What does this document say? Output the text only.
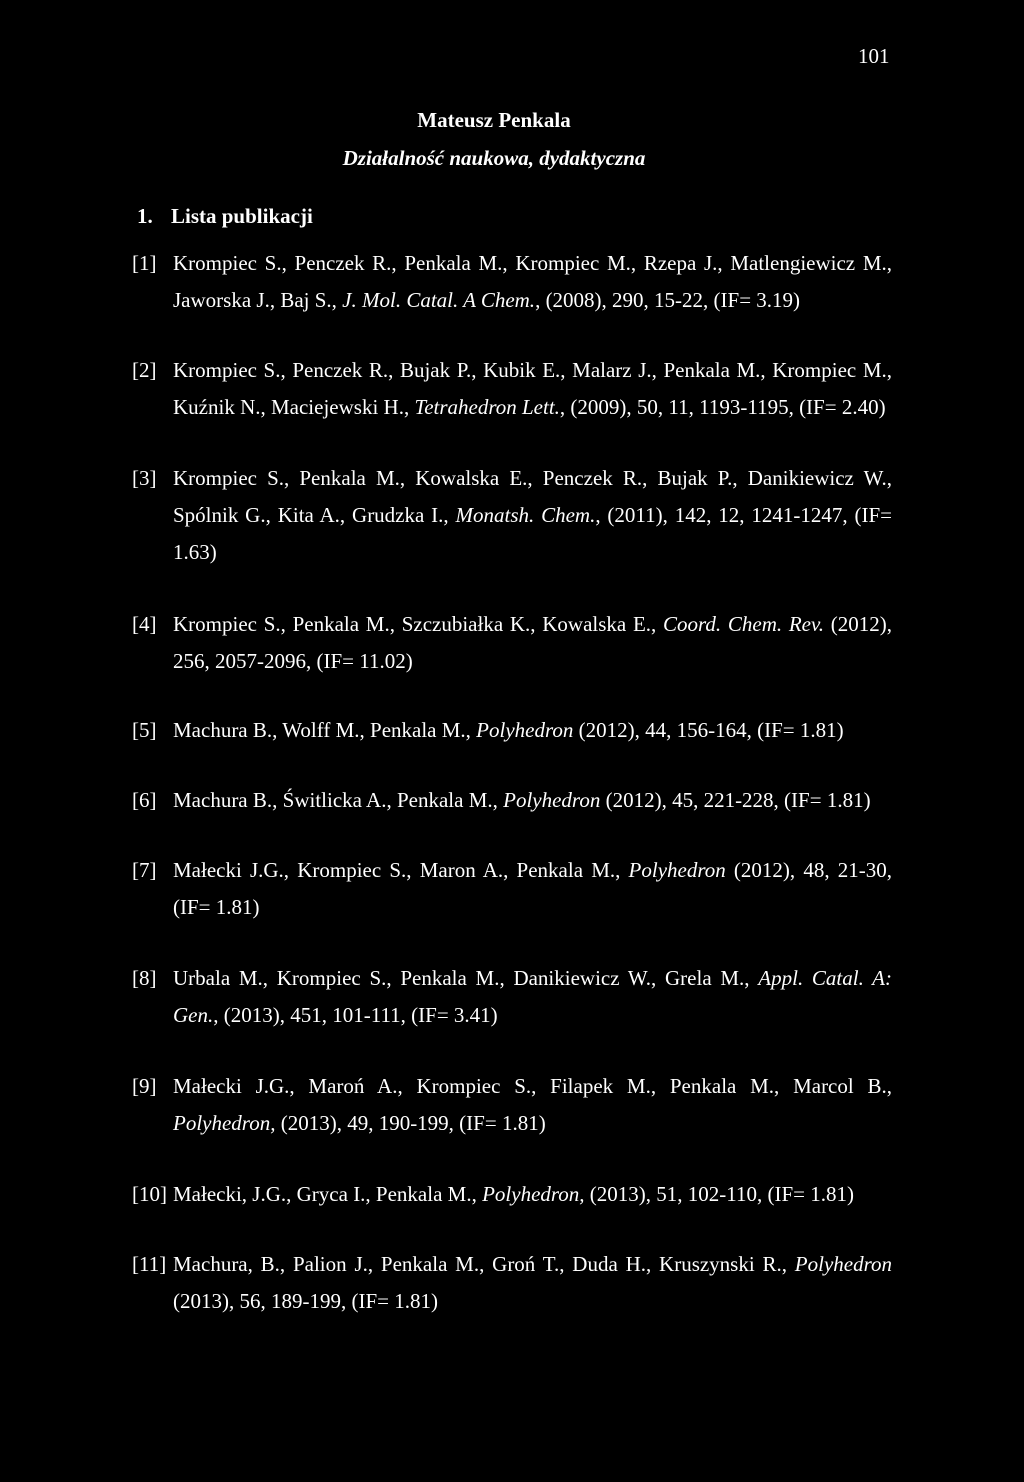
101
Mateusz Penkala
Działalność naukowa, dydaktyczna
1. Lista publikacji
[1] Krompiec S., Penczek R., Penkala M., Krompiec M., Rzepa J., Matlengiewicz M., Jaworska J., Baj S., J. Mol. Catal. A Chem., (2008), 290, 15-22, (IF= 3.19)
[2] Krompiec S., Penczek R., Bujak P., Kubik E., Malarz J., Penkala M., Krompiec M., Kuźnik N., Maciejewski H., Tetrahedron Lett., (2009), 50, 11, 1193-1195, (IF= 2.40)
[3] Krompiec S., Penkala M., Kowalska E., Penczek R., Bujak P., Danikiewicz W., Spólnik G., Kita A., Grudzka I., Monatsh. Chem., (2011), 142, 12, 1241-1247, (IF= 1.63)
[4] Krompiec S., Penkala M., Szczubiałka K., Kowalska E., Coord. Chem. Rev. (2012), 256, 2057-2096, (IF= 11.02)
[5] Machura B., Wolff M., Penkala M., Polyhedron (2012), 44, 156-164, (IF= 1.81)
[6] Machura B., Świtlicka A., Penkala M., Polyhedron (2012), 45, 221-228, (IF= 1.81)
[7] Małecki J.G., Krompiec S., Maron A., Penkala M., Polyhedron (2012), 48, 21-30, (IF= 1.81)
[8] Urbala M., Krompiec S., Penkala M., Danikiewicz W., Grela M., Appl. Catal. A: Gen., (2013), 451, 101-111, (IF= 3.41)
[9] Małecki J.G., Maroń A., Krompiec S., Filapek M., Penkala M., Marcol B., Polyhedron, (2013), 49, 190-199, (IF= 1.81)
[10] Małecki, J.G., Gryca I., Penkala M., Polyhedron, (2013), 51, 102-110, (IF= 1.81)
[11] Machura, B., Palion J., Penkala M., Groń T., Duda H., Kruszynski R., Polyhedron (2013), 56, 189-199, (IF= 1.81)
